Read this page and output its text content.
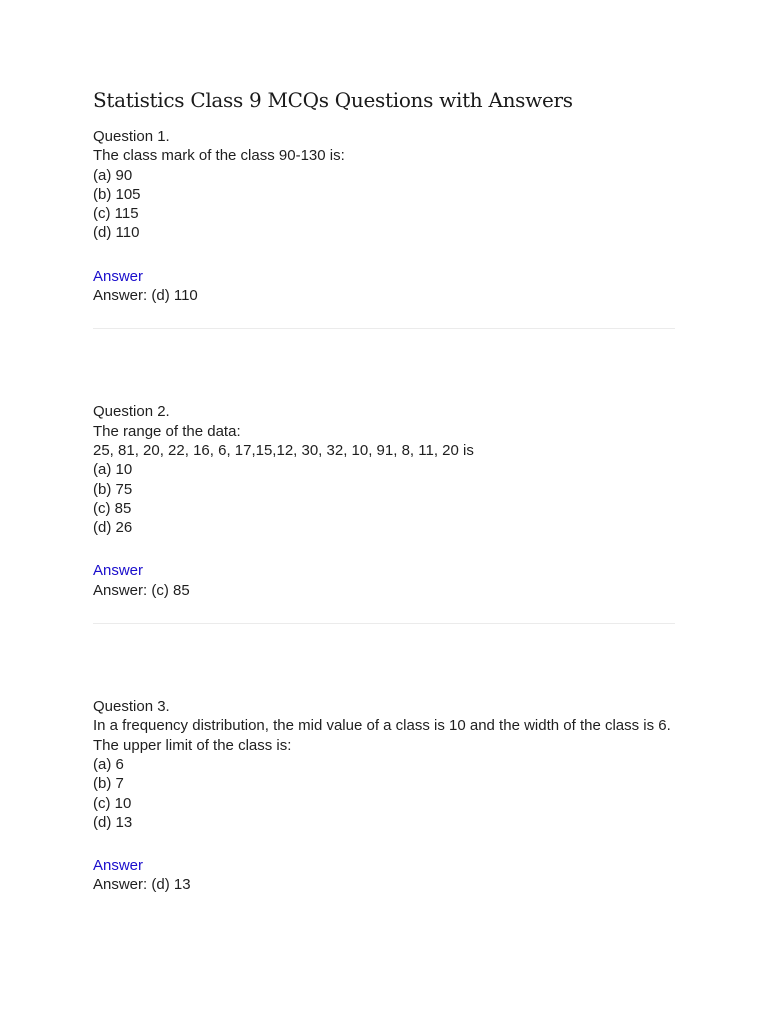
Statistics Class 9 MCQs Questions with Answers
Question 1.
The class mark of the class 90-130 is:
(a) 90
(b) 105
(c) 115
(d) 110
Answer
Answer: (d) 110
Question 2.
The range of the data:
25, 81, 20, 22, 16, 6, 17,15,12, 30, 32, 10, 91, 8, 11, 20 is
(a) 10
(b) 75
(c) 85
(d) 26
Answer
Answer: (c) 85
Question 3.
In a frequency distribution, the mid value of a class is 10 and the width of the class is 6. The upper limit of the class is:
(a) 6
(b) 7
(c) 10
(d) 13
Answer
Answer: (d) 13
